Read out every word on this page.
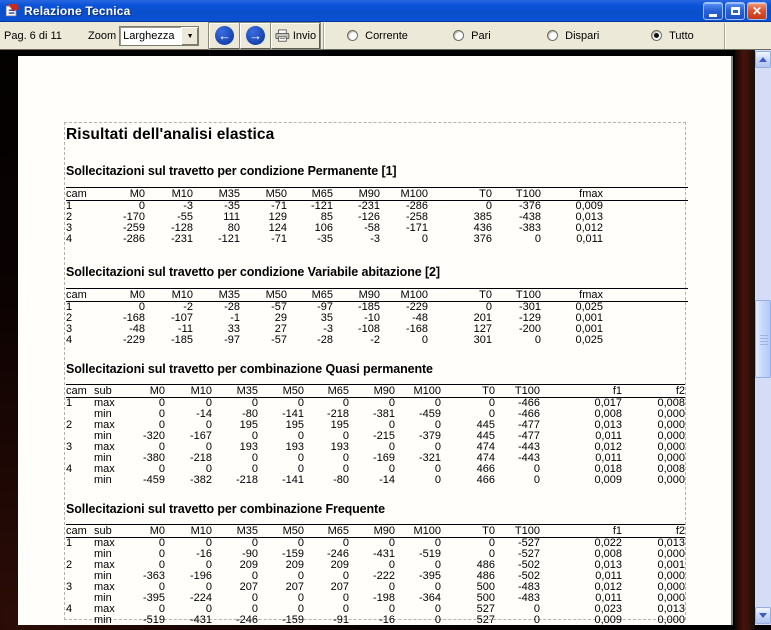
Relazione Tecnica	✕
Pag. 6 di 11	Zoom Larghezza	▼	← →	Invio	Corrente	Pari	Dispari	Tutto
Risultati dell'analisi elastica
Sollecitazioni sul travetto per condizione Permanente [1]
cam	M0	M10	M35	M50	M65	M90	M100	T0	T100	fmax	
1	0	-3	-35	-71	-121	-231	-286	0	-376	0,009	
2	-170	-55	111	129	85	-126	-258	385	-438	0,013	
3	-259	-128	80	124	106	-58	-171	436	-383	0,012	
4	-286	-231	-121	-71	-35	-3	0	376	0	0,011	
Sollecitazioni sul travetto per condizione Variabile abitazione [2]
cam	M0	M10	M35	M50	M65	M90	M100	T0	T100	fmax	
1	0	-2	-28	-57	-97	-185	-229	0	-301	0,025	
2	-168	-107	-1	29	35	-10	-48	201	-129	0,001	
3	-48	-11	33	27	-3	-108	-168	127	-200	0,001	
4	-229	-185	-97	-57	-28	-2	0	301	0	0,025	
Sollecitazioni sul travetto per combinazione Quasi permanente
cam	sub	M0	M10	M35	M50	M65	M90	M100	T0	T100	f1	f2
1	max	0	0	0	0	0	0	0	0	-466	0,017	0,008
	min	0	-14	-80	-141	-218	-381	-459	0	-466	0,008	0,000
2	max	0	0	195	195	195	0	0	445	-477	0,013	0,000
	min	-320	-167	0	0	0	-215	-379	445	-477	0,011	0,000
3	max	0	0	193	193	193	0	0	474	-443	0,012	0,000
	min	-380	-218	0	0	0	-169	-321	474	-443	0,011	0,000
4	max	0	0	0	0	0	0	0	466	0	0,018	0,008
	min	-459	-382	-218	-141	-80	-14	0	466	0	0,009	0,000
Sollecitazioni sul travetto per combinazione Frequente
cam	sub	M0	M10	M35	M50	M65	M90	M100	T0	T100	f1	f2
1	max	0	0	0	0	0	0	0	0	-527	0,022	0,013
	min	0	-16	-90	-159	-246	-431	-519	0	-527	0,008	0,000
2	max	0	0	209	209	209	0	0	486	-502	0,013	0,001
	min	-363	-196	0	0	0	-222	-395	486	-502	0,011	0,000
3	max	0	0	207	207	207	0	0	500	-483	0,012	0,000
	min	-395	-224	0	0	0	-198	-364	500	-483	0,011	0,000
4	max	0	0	0	0	0	0	0	527	0	0,023	0,013
	min	-519	-431	-246	-159	-91	-16	0	527	0	0,009	0,000
